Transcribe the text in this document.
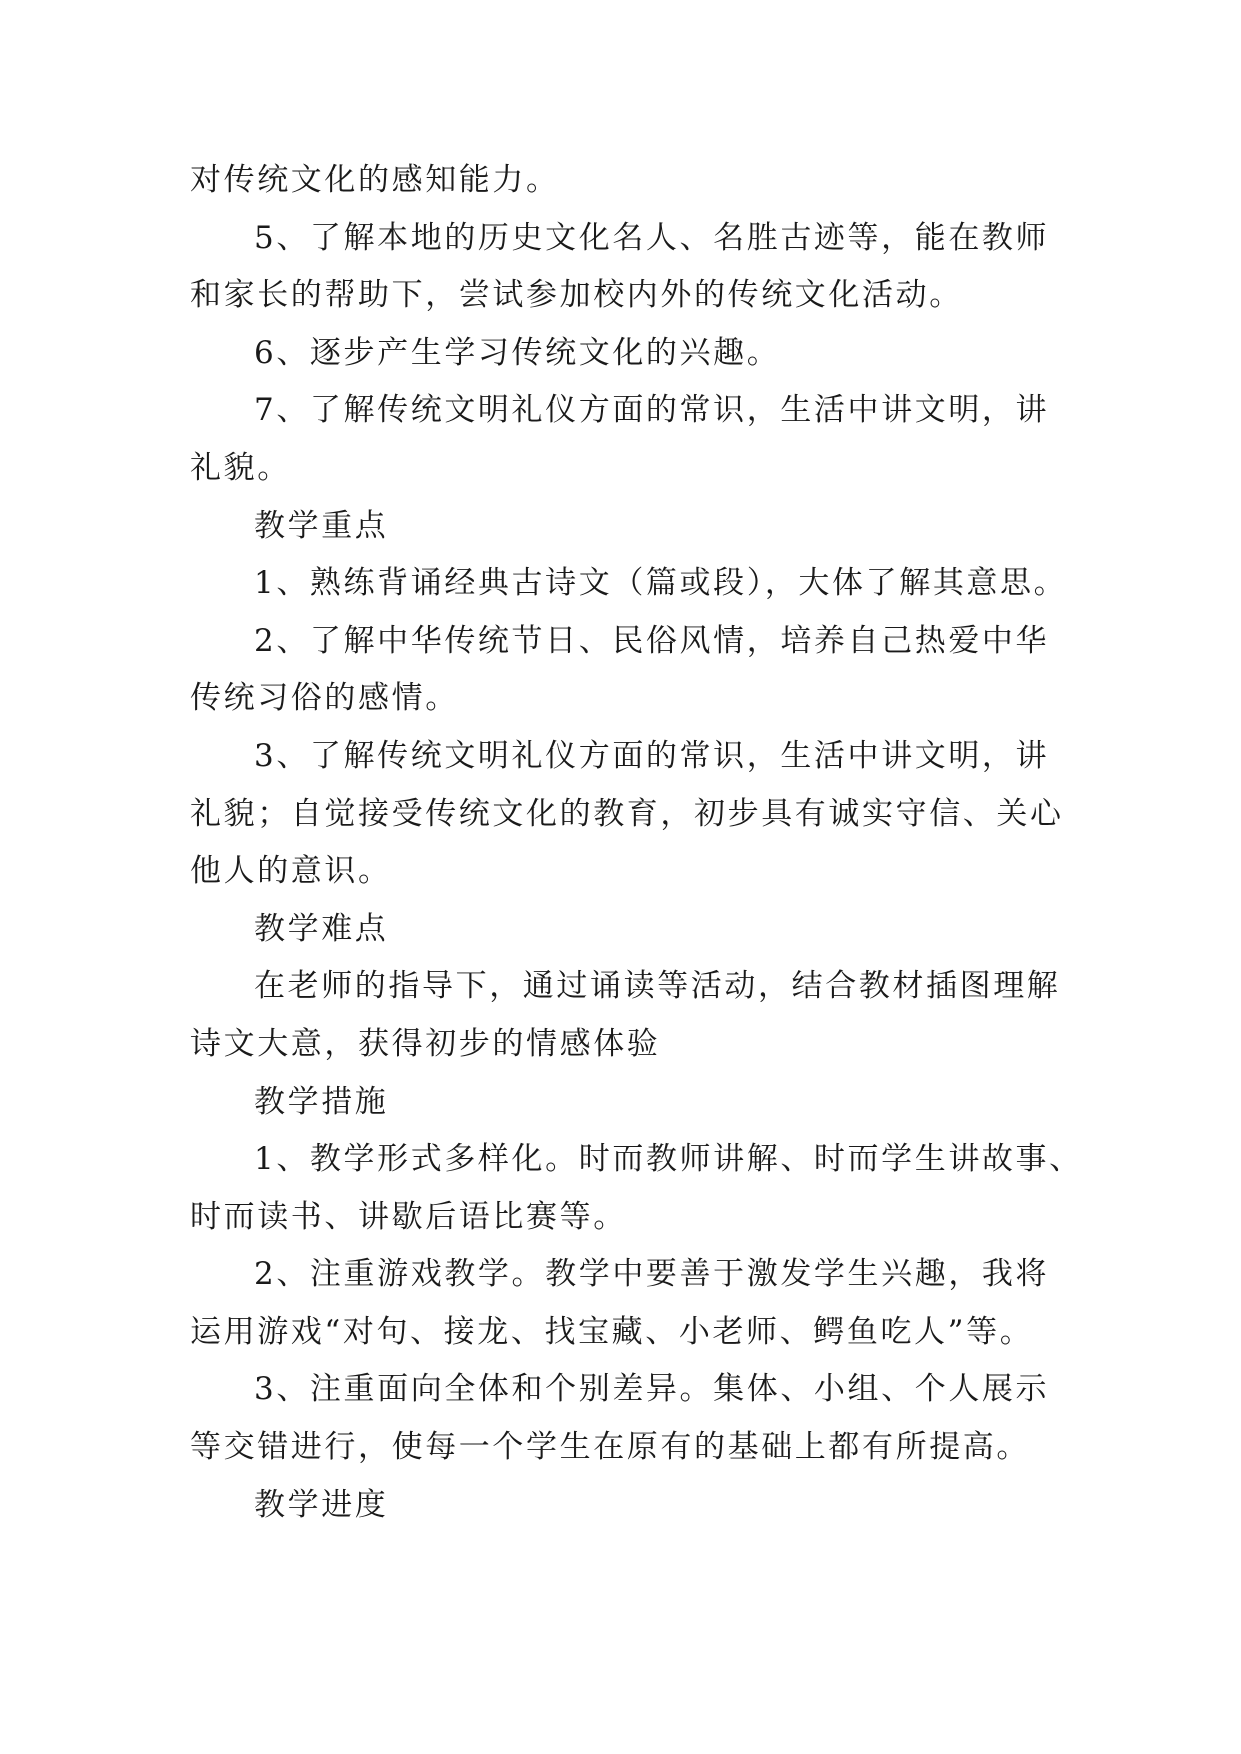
对传统文化的感知能力。
5、了解本地的历史文化名人、名胜古迹等，能在教师
和家长的帮助下，尝试参加校内外的传统文化活动。
6、逐步产生学习传统文化的兴趣。
7、了解传统文明礼仪方面的常识，生活中讲文明，讲
礼貌。
教学重点
1、熟练背诵经典古诗文（篇或段），大体了解其意思。
2、了解中华传统节日、民俗风情，培养自己热爱中华
传统习俗的感情。
3、了解传统文明礼仪方面的常识，生活中讲文明，讲
礼貌；自觉接受传统文化的教育，初步具有诚实守信、关心
他人的意识。
教学难点
在老师的指导下，通过诵读等活动，结合教材插图理解
诗文大意，获得初步的情感体验
教学措施
1、教学形式多样化。时而教师讲解、时而学生讲故事、
时而读书、讲歇后语比赛等。
2、注重游戏教学。教学中要善于激发学生兴趣，我将
运用游戏“对句、接龙、找宝藏、小老师、鳄鱼吃人”等。
3、注重面向全体和个别差异。集体、小组、个人展示
等交错进行，使每一个学生在原有的基础上都有所提高。
教学进度
